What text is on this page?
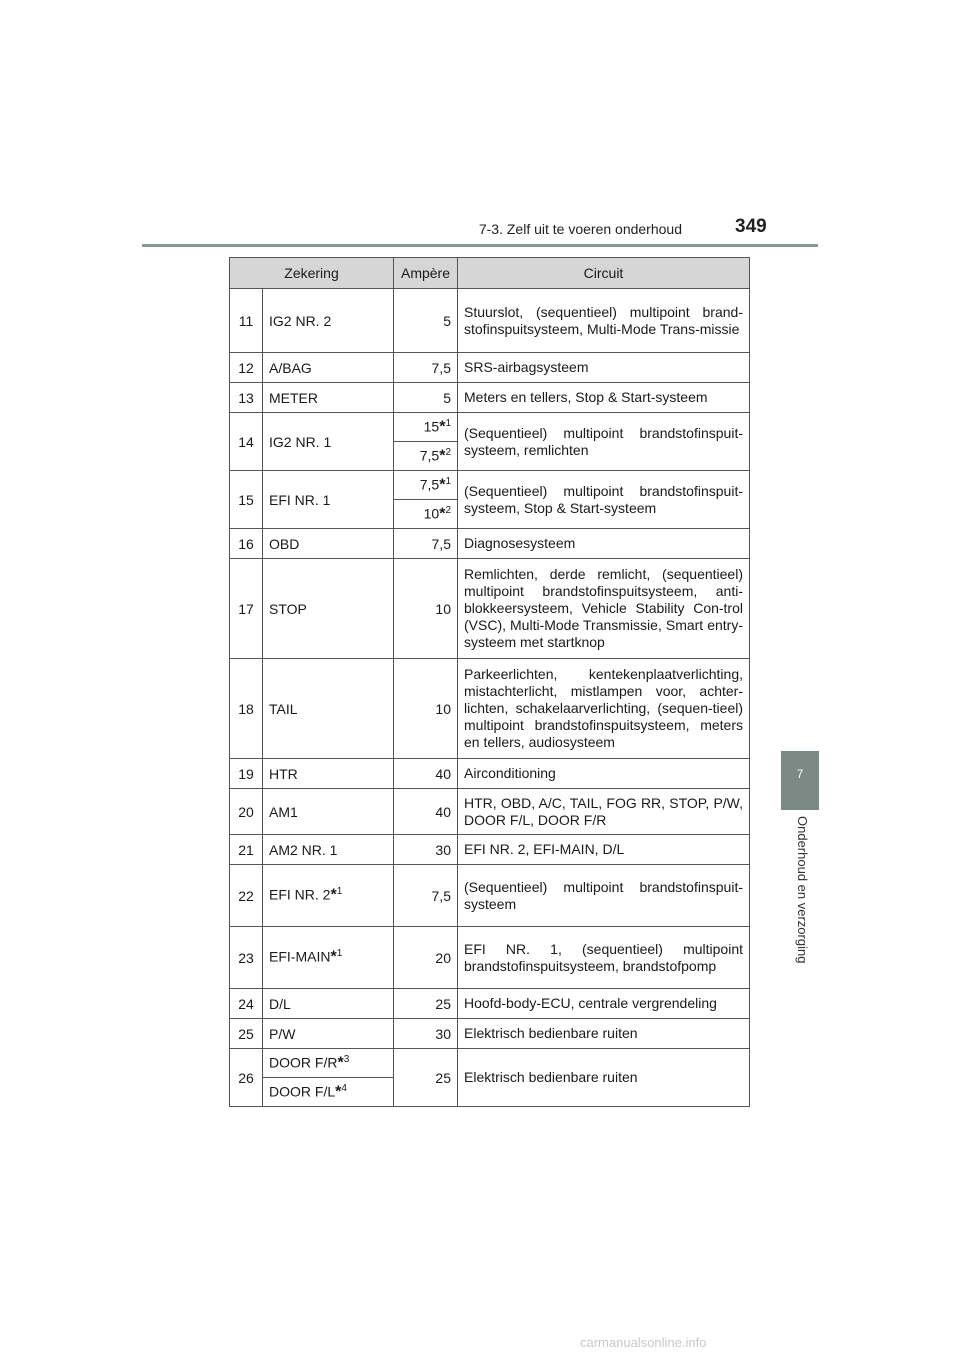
7-3. Zelf uit te voeren onderhoud	349
7
Onderhoud en verzorging
Zekering		Ampère	Circuit
11	IG2 NR. 2	5	Stuurslot, (sequentieel) multipoint brand-stofinspuitsysteem, Multi-Mode Trans-missie
12	A/BAG	7,5	SRS-airbagsysteem
13	METER	5	Meters en tellers, Stop & Start-systeem
14	IG2 NR. 1	15*$^1$	(Sequentieel) multipoint brandstofinspuit-systeem, remlichten
		7,5*$^2$
15	EFI NR. 1	7,5*$^1$	(Sequentieel) multipoint brandstofinspuit-systeem, Stop & Start-systeem
		10*$^2$
16	OBD	7,5	Diagnosesysteem
17	STOP	10	Remlichten, derde remlicht, (sequentieel) multipoint brandstofinspuitsysteem, anti-blokkeersysteem, Vehicle Stability Con-trol (VSC), Multi-Mode Transmissie, Smart entry-systeem met startknop
18	TAIL	10	Parkeerlichten, kentekenplaatverlichting, mistachterlicht, mistlampen voor, achter-lichten, schakelaarverlichting, (sequen-tieel) multipoint brandstofinspuitsysteem, meters en tellers, audiosysteem
19	HTR	40	Airconditioning
20	AM1	40	HTR, OBD, A/C, TAIL, FOG RR, STOP, P/W, DOOR F/L, DOOR F/R
21	AM2 NR. 1	30	EFI NR. 2, EFI-MAIN, D/L
22	EFI NR. 2*$^1$	7,5	(Sequentieel) multipoint brandstofinspuit-systeem
23	EFI-MAIN*$^1$	20	EFI NR. 1, (sequentieel) multipoint brandstofinspuitsysteem, brandstofpomp
24	D/L	25	Hoofd-body-ECU, centrale vergrendeling
25	P/W	30	Elektrisch bedienbare ruiten
26	DOOR F/R*$^3$	25	Elektrisch bedienbare ruiten
	DOOR F/L*$^4$
carmanualsonline.info
